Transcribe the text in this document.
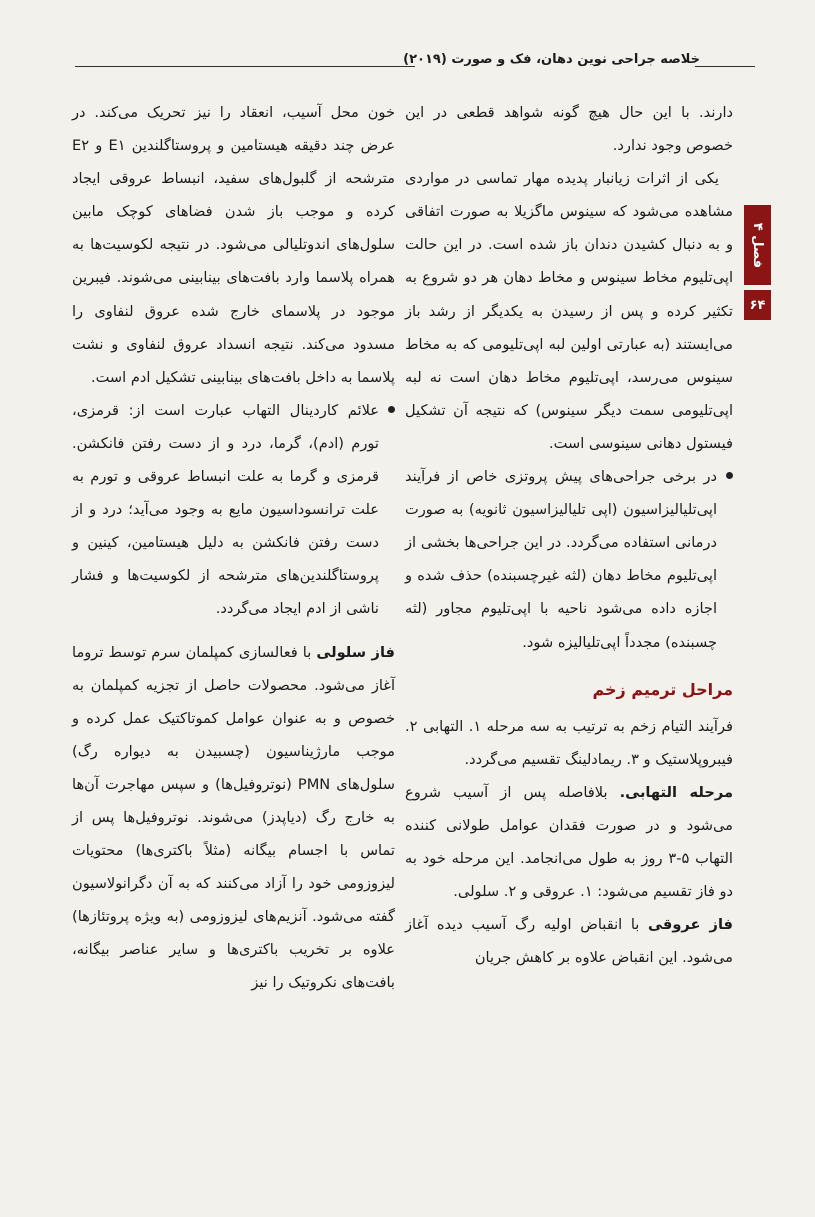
خلاصه جراحی نوین دهان، فک و صورت (۲۰۱۹)
فصل ۴
۶۴

دارند. با این حال هیچ گونه شواهد قطعی در این خصوص وجود ندارد.

یکی از اثرات زیانبار پدیده مهار تماسی در مواردی مشاهده می‌شود که سینوس ماگزیلا به صورت اتفاقی و به دنبال کشیدن دندان باز شده است. در این حالت اپی‌تلیوم مخاط سینوس و مخاط دهان هر دو شروع به تکثیر کرده و پس از رسیدن به یکدیگر از رشد باز می‌ایستند (به عبارتی اولین لبه اپی‌تلیومی که به مخاط سینوس می‌رسد، اپی‌تلیوم مخاط دهان است نه لبه اپی‌تلیومی سمت دیگر سینوس) که نتیجه آن تشکیل فیستول دهانی سینوسی است.

در برخی جراحی‌های پیش پروتزی خاص از فرآیند اپی‌تلیالیزاسیون (اپی تلیالیزاسیون ثانویه) به صورت درمانی استفاده می‌گردد. در این جراحی‌ها بخشی از اپی‌تلیوم مخاط دهان (لثه غیرچسبنده) حذف شده و اجازه داده می‌شود ناحیه با اپی‌تلیوم مجاور (لثه چسبنده) مجدداً اپی‌تلیالیزه شود.

مراحل ترمیم زخم

فرآیند التیام زخم به ترتیب به سه مرحله ۱. التهابی ۲. فیبروپلاستیک و ۳. ریمادلینگ تقسیم می‌گردد.

مرحله التهابی. بلافاصله پس از آسیب شروع می‌شود و در صورت فقدان عوامل طولانی کننده التهاب ۵-۳ روز به طول می‌انجامد. این مرحله خود به دو فاز تقسیم می‌شود: ۱. عروقی و ۲. سلولی.

فاز عروقی با انقباض اولیه رگ آسیب دیده آغاز می‌شود. این انقباض علاوه بر کاهش جریان

خون محل آسیب، انعقاد را نیز تحریک می‌کند. در عرض چند دقیقه هیستامین و پروستاگلندین E۱ و E۲ مترشحه از گلبول‌های سفید، انبساط عروقی ایجاد کرده و موجب باز شدن فضاهای کوچک مابین سلول‌های اندوتلیالی می‌شود. در نتیجه لکوسیت‌ها به همراه پلاسما وارد بافت‌های بینابینی می‌شوند. فیبرین موجود در پلاسمای خارج شده عروق لنفاوی را مسدود می‌کند. نتیجه انسداد عروق لنفاوی و نشت پلاسما به داخل بافت‌های بینابینی تشکیل ادم است.

علائم کاردینال التهاب عبارت است از: قرمزی، تورم (ادم)، گرما، درد و از دست رفتن فانکشن. قرمزی و گرما به علت انبساط عروقی و تورم به علت ترانسوداسیون مایع به وجود می‌آید؛ درد و از دست رفتن فانکشن به دلیل هیستامین، کینین و پروستاگلندین‌های مترشحه از لکوسیت‌ها و فشار ناشی از ادم ایجاد می‌گردد.

فاز سلولی با فعالسازی کمپلمان سرم توسط تروما آغاز می‌شود. محصولات حاصل از تجزیه کمپلمان به خصوص و به عنوان عوامل کموتاکتیک عمل کرده و موجب مارژیناسیون (چسبیدن به دیواره رگ) سلول‌های PMN (نوتروفیل‌ها) و سپس مهاجرت آن‌ها به خارج رگ (دیاپدز) می‌شوند. نوتروفیل‌ها پس از تماس با اجسام بیگانه (مثلاً باکتری‌ها) محتویات لیزوزومی خود را آزاد می‌کنند که به آن دگرانولاسیون گفته می‌شود. آنزیم‌های لیزوزومی (به ویژه پروتئازها) علاوه بر تخریب باکتری‌ها و سایر عناصر بیگانه، بافت‌های نکروتیک را نیز
